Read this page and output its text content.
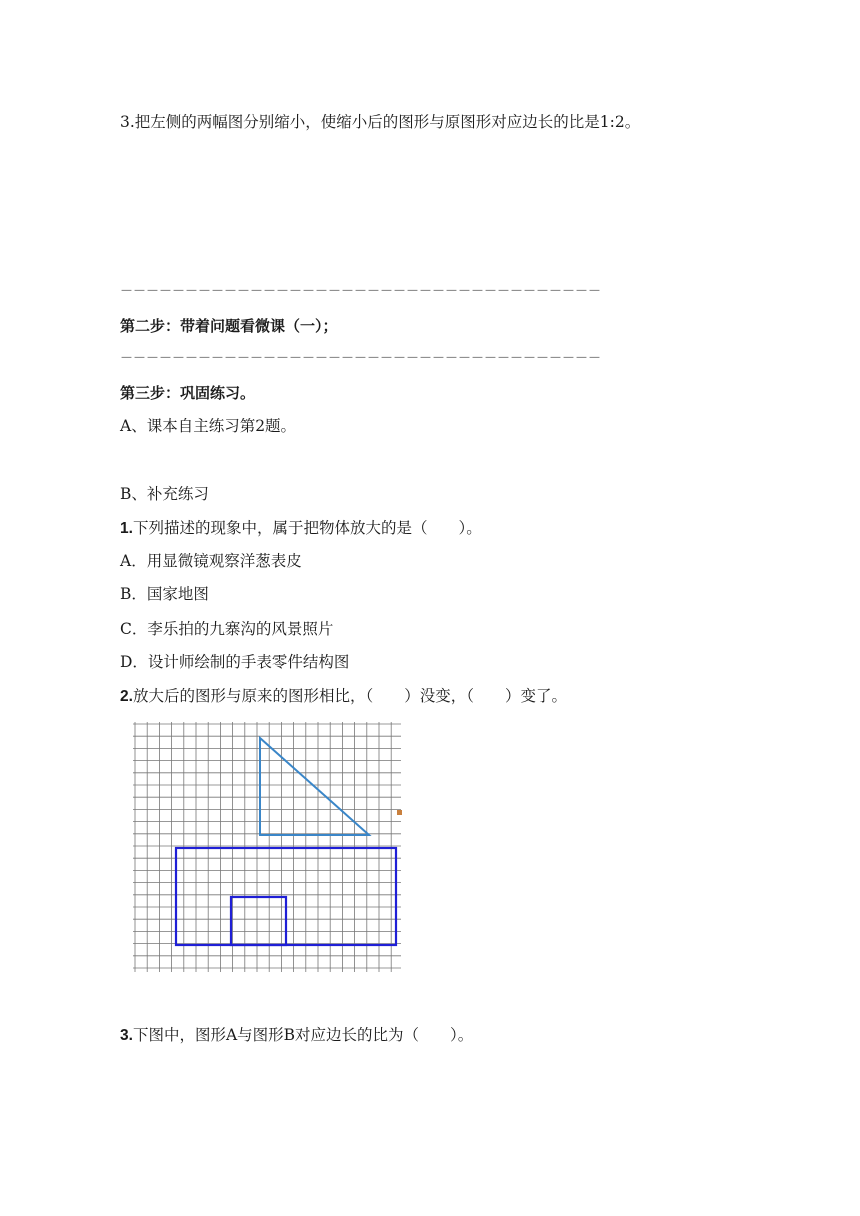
3.把左侧的两幅图分别缩小，使缩小后的图形与原图形对应边长的比是1:2。
－－－－－－－－－－－－－－－－－－－－－－－－－－－－－－－－－－－－－
第二步：带着问题看微课（一）；
－－－－－－－－－－－－－－－－－－－－－－－－－－－－－－－－－－－－－
第三步：巩固练习。
A、课本自主练习第2题。
B、补充练习
1.下列描述的现象中，属于把物体放大的是（　　）。
A．用显微镜观察洋葱表皮
B．国家地图
C．李乐拍的九寨沟的风景照片
D．设计师绘制的手表零件结构图
2.放大后的图形与原来的图形相比，（　　）没变，（　　）变了。
3.下图中，图形A与图形B对应边长的比为（　　）。
